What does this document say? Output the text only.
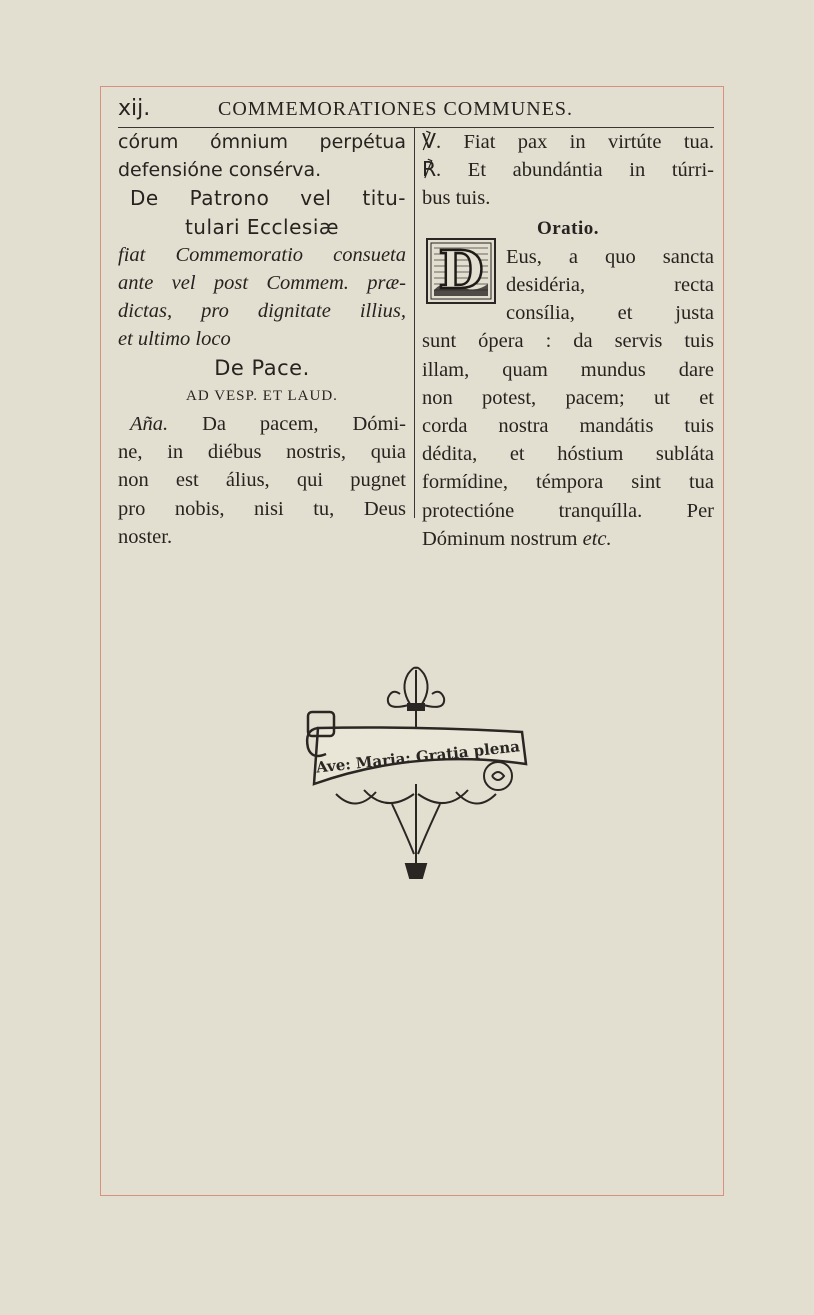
xij.	COMMEMORATIONES COMMUNES.
córum ómnium perpétua
defensióne consérva.
De Patrono vel titu-
tulari Ecclesiæ
fiat Commemoratio consueta
ante vel post Commem. præ-
dictas, pro dignitate illius,
et ultimo loco
De Pace.
AD VESP. ET LAUD.
Aña. Da pacem, Dómi-
ne, in diébus nostris, quia
non est álius, qui pugnet
pro nobis, nisi tu, Deus
noster.
℣. Fiat pax in virtúte tua.
℟. Et abundántia in túrri-
bus tuis.
Oratio.
Eus, a quo sancta
desidéria, recta
consília, et justa
sunt ópera : da servis tuis
illam, quam mundus dare
non potest, pacem; ut et
corda nostra mandátis tuis
dédita, et hóstium subláta
formídine, témpora sint tua
protectióne tranquílla. Per
Dóminum nostrum etc.
D
Ave: Maria: Gratia plena
